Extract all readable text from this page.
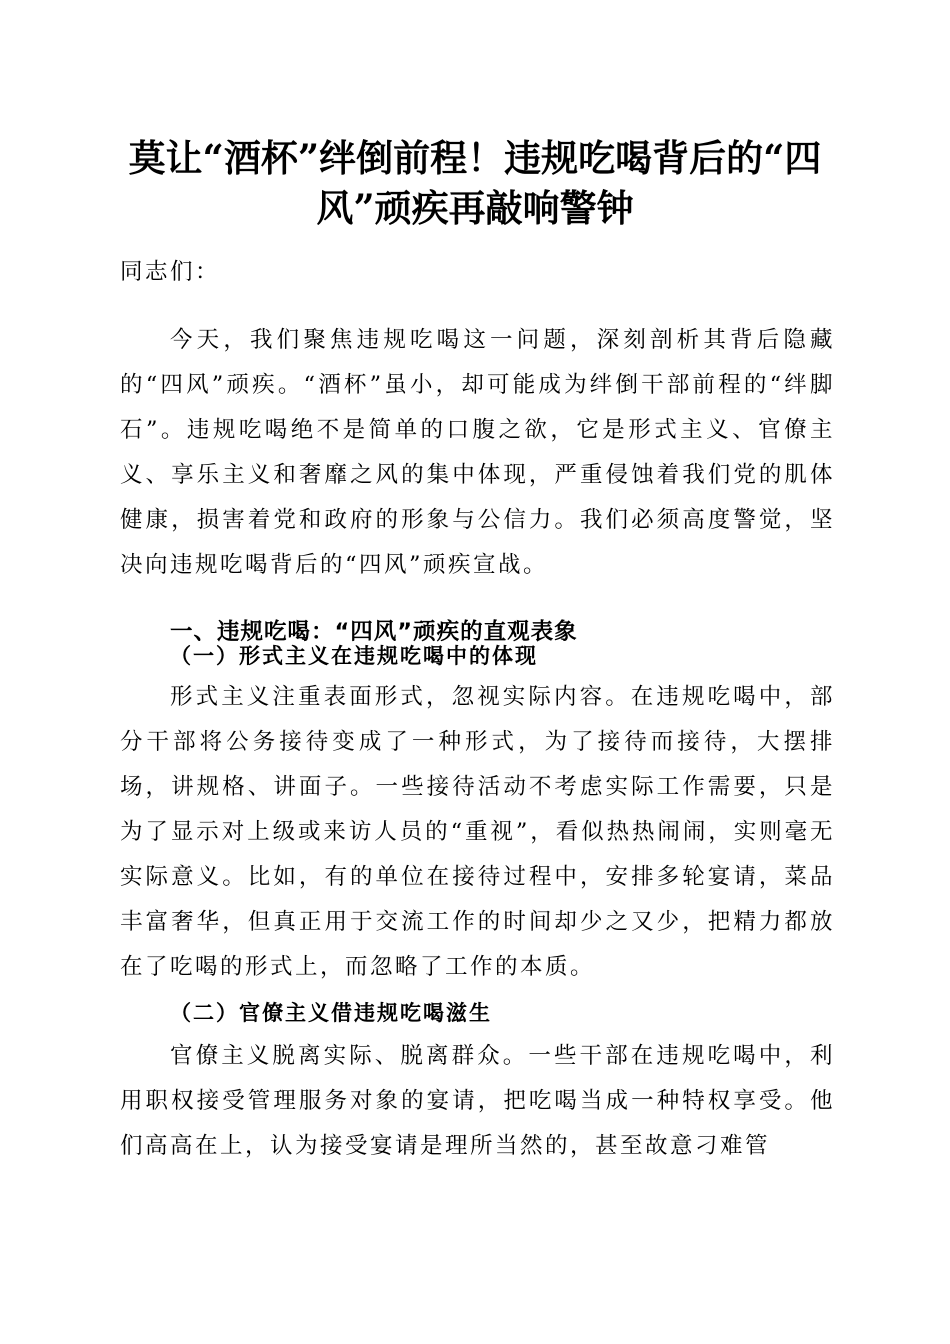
莫让“酒杯”绊倒前程！违规吃喝背后的“四风”顽疾再敲响警钟

同志们：

今天，我们聚焦违规吃喝这一问题，深刻剖析其背后隐藏的“四风”顽疾。“酒杯”虽小，却可能成为绊倒干部前程的“绊脚石”。违规吃喝绝不是简单的口腹之欲，它是形式主义、官僚主义、享乐主义和奢靡之风的集中体现，严重侵蚀着我们党的肌体健康，损害着党和政府的形象与公信力。我们必须高度警觉，坚决向违规吃喝背后的“四风”顽疾宣战。

一、违规吃喝：“四风”顽疾的直观表象
（一）形式主义在违规吃喝中的体现

形式主义注重表面形式，忽视实际内容。在违规吃喝中，部分干部将公务接待变成了一种形式，为了接待而接待，大摆排场，讲规格、讲面子。一些接待活动不考虑实际工作需要，只是为了显示对上级或来访人员的“重视”，看似热热闹闹，实则毫无实际意义。比如，有的单位在接待过程中，安排多轮宴请，菜品丰富奢华，但真正用于交流工作的时间却少之又少，把精力都放在了吃喝的形式上，而忽略了工作的本质。

（二）官僚主义借违规吃喝滋生

官僚主义脱离实际、脱离群众。一些干部在违规吃喝中，利用职权接受管理服务对象的宴请，把吃喝当成一种特权享受。他们高高在上，认为接受宴请是理所当然的，甚至故意刁难管
